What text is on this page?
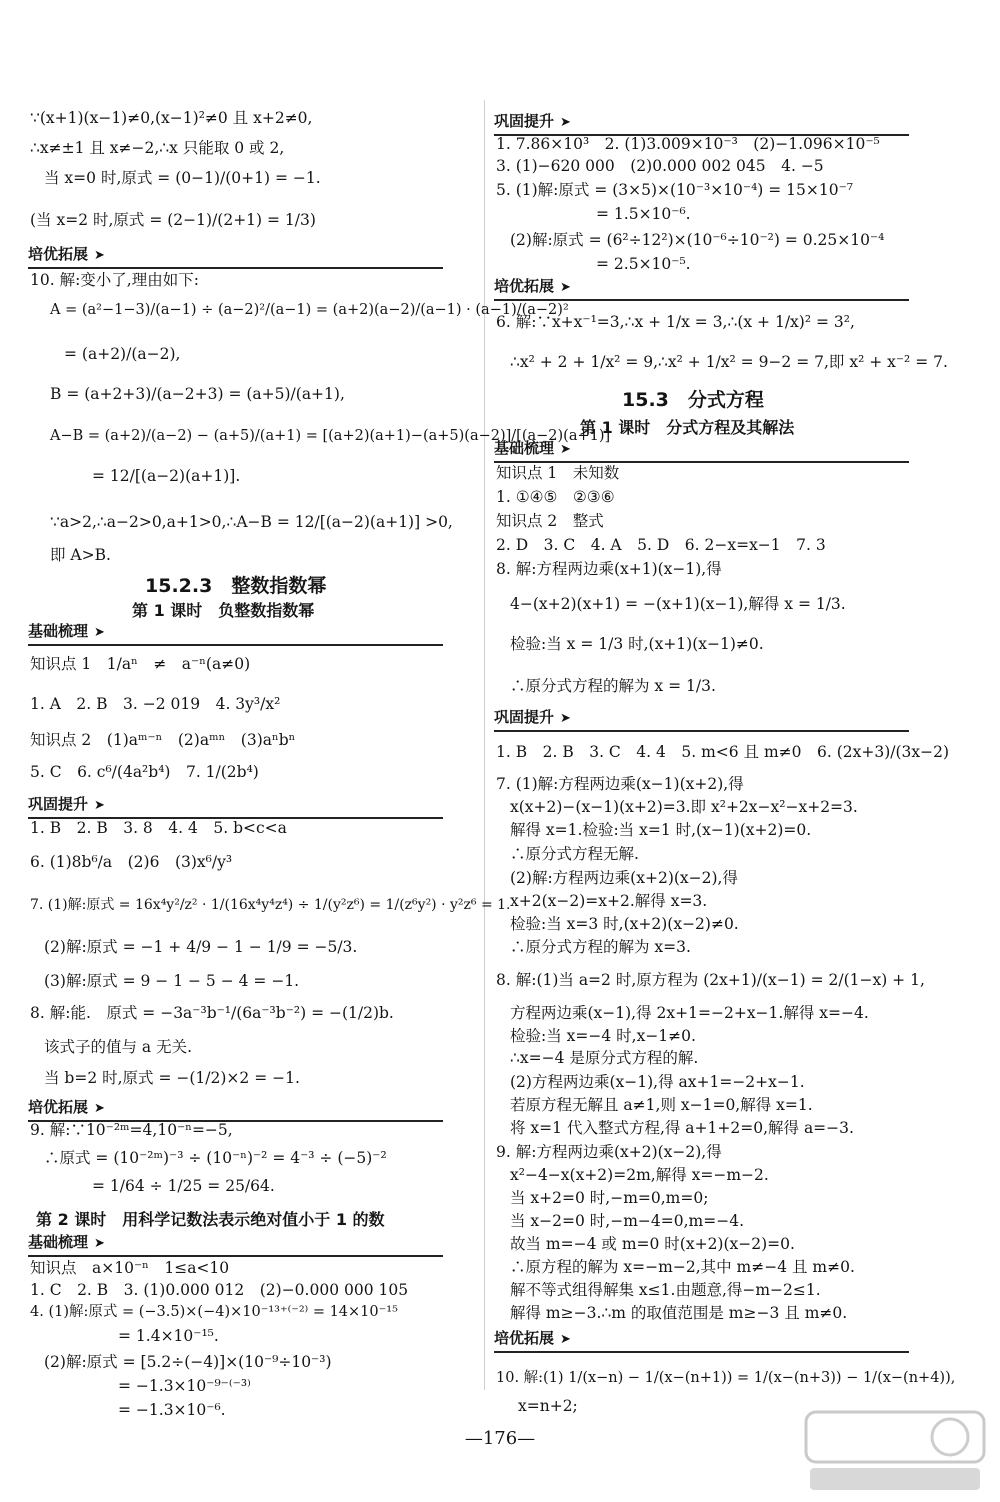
∵(x+1)(x−1)≠0,(x−1)²≠0 且 x+2≠0,
∴x≠±1 且 x≠−2,∴x 只能取 0 或 2,
当 x=0 时,原式 = (0−1)/(0+1) = −1.
(当 x=2 时,原式 = (2−1)/(2+1) = 1/3)
培优拓展 ➤
10. 解:变小了,理由如下:
A = (a²−1−3)/(a−1) ÷ (a−2)²/(a−1) = (a+2)(a−2)/(a−1) · (a−1)/(a−2)²
= (a+2)/(a−2),
B = (a+2+3)/(a−2+3) = (a+5)/(a+1),
A−B = (a+2)/(a−2) − (a+5)/(a+1) = [(a+2)(a+1)−(a+5)(a−2)]/[(a−2)(a+1)]
= 12/[(a−2)(a+1)].
∵a>2,∴a−2>0,a+1>0,∴A−B = 12/[(a−2)(a+1)] >0,
即 A>B.
15.2.3　整数指数幂
第 1 课时　负整数指数幂
基础梳理 ➤
知识点 1　1/aⁿ　≠　a⁻ⁿ(a≠0)
1. A　2. B　3. −2 019　4. 3y³/x²
知识点 2　(1)aᵐ⁻ⁿ　(2)aᵐⁿ　(3)aⁿbⁿ
5. C　6. c⁶/(4a²b⁴)　7. 1/(2b⁴)
巩固提升 ➤
1. B　2. B　3. 8　4. 4　5. b<c<a
6. (1)8b⁶/a　(2)6　(3)x⁶/y³
7. (1)解:原式 = 16x⁴y²/z² · 1/(16x⁴y⁴z⁴) ÷ 1/(y²z⁶) = 1/(z⁶y²) · y²z⁶ = 1.
(2)解:原式 = −1 + 4/9 − 1 − 1/9 = −5/3.
(3)解:原式 = 9 − 1 − 5 − 4 = −1.
8. 解:能.　原式 = −3a⁻³b⁻¹/(6a⁻³b⁻²) = −(1/2)b.
该式子的值与 a 无关.
当 b=2 时,原式 = −(1/2)×2 = −1.
培优拓展 ➤
9. 解:∵10⁻²ᵐ=4,10⁻ⁿ=−5,
∴原式 = (10⁻²ᵐ)⁻³ ÷ (10⁻ⁿ)⁻² = 4⁻³ ÷ (−5)⁻²
= 1/64 ÷ 1/25 = 25/64.
第 2 课时　用科学记数法表示绝对值小于 1 的数
基础梳理 ➤
知识点　a×10⁻ⁿ　1≤a<10
1. C　2. B　3. (1)0.000 012　(2)−0.000 000 105
4. (1)解:原式 = (−3.5)×(−4)×10⁻¹³⁺⁽⁻²⁾ = 14×10⁻¹⁵
= 1.4×10⁻¹⁵.
(2)解:原式 = [5.2÷(−4)]×(10⁻⁹÷10⁻³)
= −1.3×10⁻⁹⁻⁽⁻³⁾
= −1.3×10⁻⁶.
巩固提升 ➤
1. 7.86×10³　2. (1)3.009×10⁻³　(2)−1.096×10⁻⁵
3. (1)−620 000　(2)0.000 002 045　4. −5
5. (1)解:原式 = (3×5)×(10⁻³×10⁻⁴) = 15×10⁻⁷
= 1.5×10⁻⁶.
(2)解:原式 = (6²÷12²)×(10⁻⁶÷10⁻²) = 0.25×10⁻⁴
= 2.5×10⁻⁵.
培优拓展 ➤
6. 解:∵x+x⁻¹=3,∴x + 1/x = 3,∴(x + 1/x)² = 3²,
∴x² + 2 + 1/x² = 9,∴x² + 1/x² = 9−2 = 7,即 x² + x⁻² = 7.
15.3　分式方程
第 1 课时　分式方程及其解法
基础梳理 ➤
知识点 1　未知数
1. ①④⑤　②③⑥
知识点 2　整式
2. D　3. C　4. A　5. D　6. 2−x=x−1　7. 3
8. 解:方程两边乘(x+1)(x−1),得
4−(x+2)(x+1) = −(x+1)(x−1),解得 x = 1/3.
检验:当 x = 1/3 时,(x+1)(x−1)≠0.
∴原分式方程的解为 x = 1/3.
巩固提升 ➤
1. B　2. B　3. C　4. 4　5. m<6 且 m≠0　6. (2x+3)/(3x−2)
7. (1)解:方程两边乘(x−1)(x+2),得
x(x+2)−(x−1)(x+2)=3.即 x²+2x−x²−x+2=3.
解得 x=1.检验:当 x=1 时,(x−1)(x+2)=0.
∴原分式方程无解.
(2)解:方程两边乘(x+2)(x−2),得
x+2(x−2)=x+2.解得 x=3.
检验:当 x=3 时,(x+2)(x−2)≠0.
∴原分式方程的解为 x=3.
8. 解:(1)当 a=2 时,原方程为 (2x+1)/(x−1) = 2/(1−x) + 1,
方程两边乘(x−1),得 2x+1=−2+x−1.解得 x=−4.
检验:当 x=−4 时,x−1≠0.
∴x=−4 是原分式方程的解.
(2)方程两边乘(x−1),得 ax+1=−2+x−1.
若原方程无解且 a≠1,则 x−1=0,解得 x=1.
将 x=1 代入整式方程,得 a+1+2=0,解得 a=−3.
9. 解:方程两边乘(x+2)(x−2),得
x²−4−x(x+2)=2m,解得 x=−m−2.
当 x+2=0 时,−m=0,m=0;
当 x−2=0 时,−m−4=0,m=−4.
故当 m=−4 或 m=0 时(x+2)(x−2)=0.
∴原方程的解为 x=−m−2,其中 m≠−4 且 m≠0.
解不等式组得解集 x≤1.由题意,得−m−2≤1.
解得 m≥−3.∴m 的取值范围是 m≥−3 且 m≠0.
培优拓展 ➤
10. 解:(1) 1/(x−n) − 1/(x−(n+1)) = 1/(x−(n+3)) − 1/(x−(n+4)),
x=n+2;
—176—
